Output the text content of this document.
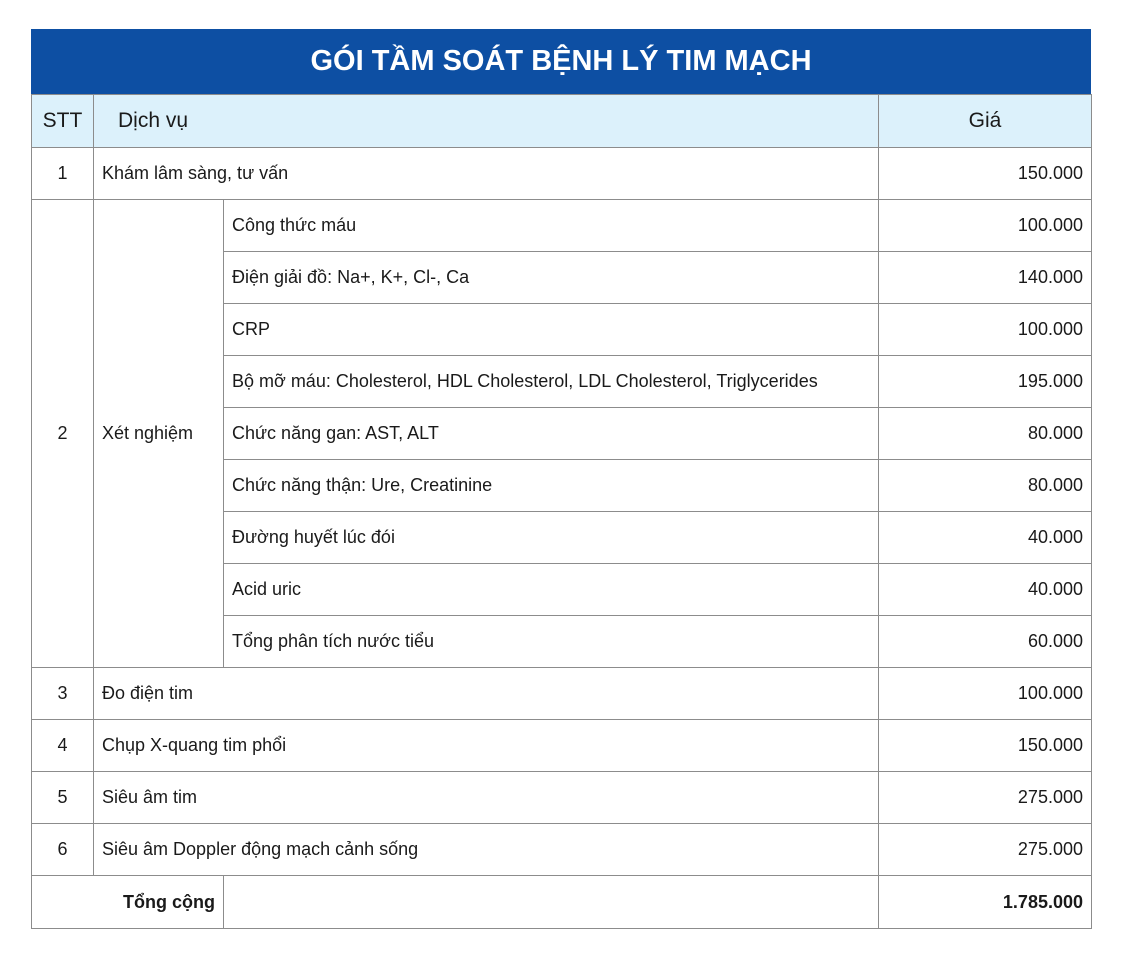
GÓI TẦM SOÁT BỆNH LÝ TIM MẠCH
STT	Dịch vụ		Giá
1	Khám lâm sàng, tư vấn		150.000
2	Xét nghiệm	Công thức máu	100.000
		Điện giải đồ: Na+, K+, Cl-, Ca	140.000
		CRP	100.000
		Bộ mỡ máu: Cholesterol, HDL Cholesterol, LDL Cholesterol, Triglycerides	195.000
		Chức năng gan: AST, ALT	80.000
		Chức năng thận: Ure, Creatinine	80.000
		Đường huyết lúc đói	40.000
		Acid uric	40.000
		Tổng phân tích nước tiểu	60.000
3	Đo điện tim		100.000
4	Chụp X-quang tim phổi		150.000
5	Siêu âm tim		275.000
6	Siêu âm Doppler động mạch cảnh sống		275.000
Tổng cộng			1.785.000
